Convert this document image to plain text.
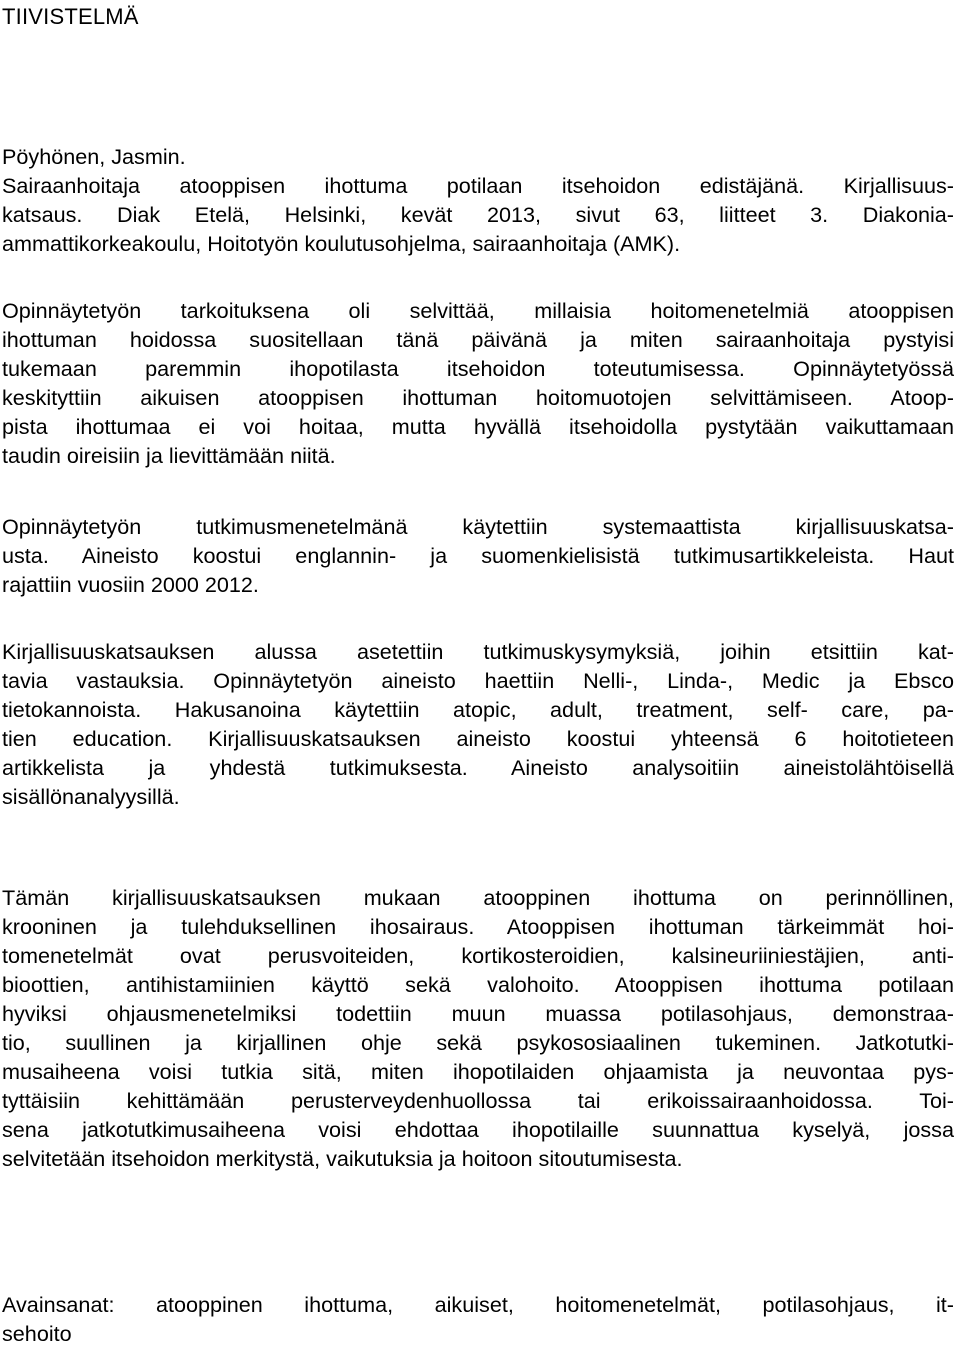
TIIVISTELMÄ
Pöyhönen, Jasmin.
Sairaanhoitaja atooppisen ihottuma potilaan itsehoidon edistäjänä. Kirjallisuus-
katsaus. Diak Etelä, Helsinki, kevät 2013, sivut 63, liitteet 3. Diakonia-
ammattikorkeakoulu, Hoitotyön koulutusohjelma, sairaanhoitaja (AMK).
Opinnäytetyön tarkoituksena oli selvittää, millaisia hoitomenetelmiä atooppisen
ihottuman hoidossa suositellaan tänä päivänä ja miten sairaanhoitaja pystyisi
tukemaan paremmin ihopotilasta itsehoidon toteutumisessa. Opinnäytetyössä
keskityttiin aikuisen atooppisen ihottuman hoitomuotojen selvittämiseen. Atoop-
pista ihottumaa ei voi hoitaa, mutta hyvällä itsehoidolla pystytään vaikuttamaan
taudin oireisiin ja lievittämään niitä.
Opinnäytetyön tutkimusmenetelmänä käytettiin systemaattista kirjallisuuskatsa-
usta. Aineisto koostui englannin- ja suomenkielisistä tutkimusartikkeleista. Haut
rajattiin vuosiin 2000 2012.
Kirjallisuuskatsauksen alussa asetettiin tutkimuskysymyksiä, joihin etsittiin kat-
tavia vastauksia. Opinnäytetyön aineisto haettiin Nelli-, Linda-, Medic ja Ebsco
tietokannoista. Hakusanoina käytettiin atopic, adult, treatment, self- care, pa-
tien education. Kirjallisuuskatsauksen aineisto koostui yhteensä 6 hoitotieteen
artikkelista ja yhdestä tutkimuksesta. Aineisto analysoitiin aineistolähtöisellä
sisällönanalyysillä.
Tämän kirjallisuuskatsauksen mukaan atooppinen ihottuma on perinnöllinen,
krooninen ja tulehduksellinen ihosairaus. Atooppisen ihottuman tärkeimmät hoi-
tomenetelmät ovat perusvoiteiden, kortikosteroidien, kalsineuriiniestäjien, anti-
bioottien, antihistamiinien käyttö sekä valohoito. Atooppisen ihottuma potilaan
hyviksi ohjausmenetelmiksi todettiin muun muassa potilasohjaus, demonstraa-
tio, suullinen ja kirjallinen ohje sekä psykososiaalinen tukeminen. Jatkotutki-
musaiheena voisi tutkia sitä, miten ihopotilaiden ohjaamista ja neuvontaa pys-
tyttäisiin kehittämään perusterveydenhuollossa tai erikoissairaanhoidossa. Toi-
sena jatkotutkimusaiheena voisi ehdottaa ihopotilaille suunnattua kyselyä, jossa
selvitetään itsehoidon merkitystä, vaikutuksia ja hoitoon sitoutumisesta.
Avainsanat: atooppinen ihottuma, aikuiset, hoitomenetelmät, potilasohjaus, it-
sehoito
